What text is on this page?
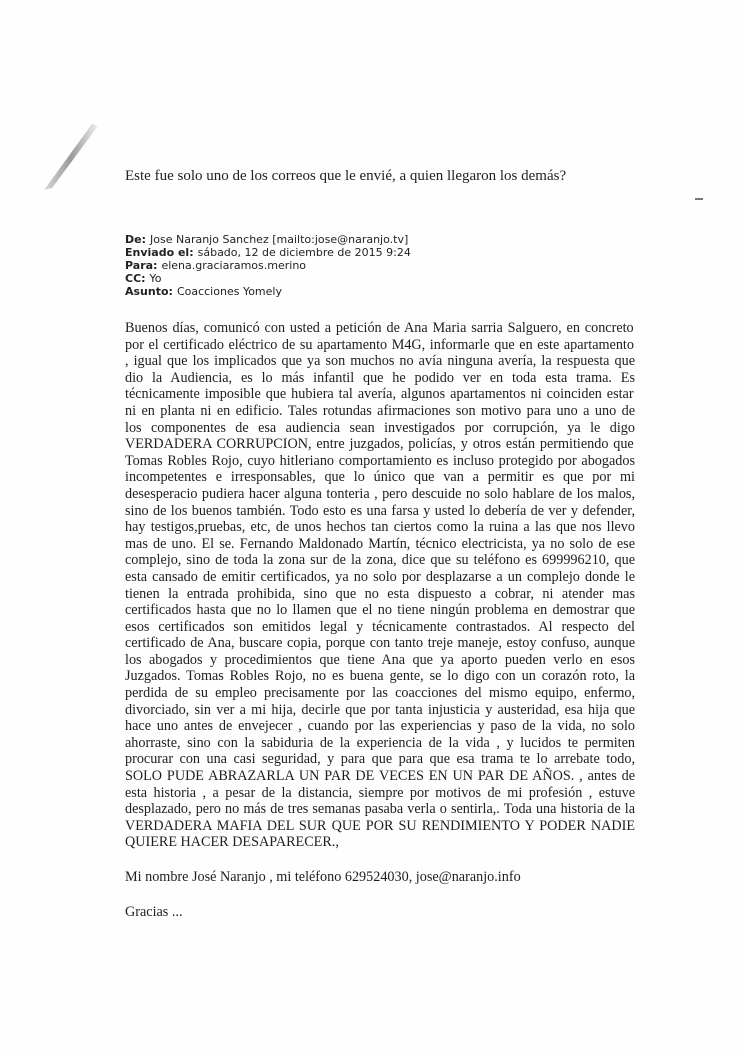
Este fue solo uno de los correos que le envié, a quien llegaron los demás?
De: Jose Naranjo Sanchez [mailto:jose@naranjo.tv]
Enviado el: sábado, 12 de diciembre de 2015 9:24
Para: elena.graciaramos.merino
CC: Yo
Asunto: Coacciones Yomely
Buenos días, comunicó con usted a petición de Ana Maria sarria Salguero, en concreto
por el certificado eléctrico de su apartamento M4G, informarle que en este apartamento
, igual que los implicados que ya son muchos no avía ninguna avería, la respuesta que
dio la Audiencia, es lo más infantil que he podido ver en toda esta trama. Es
técnicamente imposible que hubiera tal avería, algunos apartamentos ni coinciden estar
ni en planta ni en edificio. Tales rotundas afirmaciones son motivo para uno a uno de
los componentes de esa audiencia sean investigados por corrupción, ya le digo
VERDADERA CORRUPCION, entre juzgados, policías, y otros están permitiendo que
Tomas Robles Rojo, cuyo hitleriano comportamiento es incluso protegido por abogados
incompetentes e irresponsables, que lo único que van a permitir es que por mi
desesperacio pudiera hacer alguna tonteria , pero descuide no solo hablare de los malos,
sino de los buenos también. Todo esto es una farsa y usted lo debería de ver y defender,
hay testigos,pruebas, etc, de unos hechos tan ciertos como la ruina a las que nos llevo
mas de uno. El se. Fernando Maldonado Martín, técnico electricista, ya no solo de ese
complejo, sino de toda la zona sur de la zona, dice que su teléfono es 699996210, que
esta cansado de emitir certificados, ya no solo por desplazarse a un complejo donde le
tienen la entrada prohibida, sino que no esta dispuesto a cobrar, ni atender mas
certificados hasta que no lo llamen que el no tiene ningún problema en demostrar que
esos certificados son emitidos legal y técnicamente contrastados. Al respecto del
certificado de Ana, buscare copia, porque con tanto treje maneje, estoy confuso, aunque
los abogados y procedimientos que tiene Ana que ya aporto pueden verlo en esos
Juzgados. Tomas Robles Rojo, no es buena gente, se lo digo con un corazón roto, la
perdida de su empleo precisamente por las coacciones del mismo equipo, enfermo,
divorciado, sin ver a mi hija, decirle que por tanta injusticia y austeridad, esa hija que
hace uno antes de envejecer , cuando por las experiencias y paso de la vida, no solo
ahorraste, sino con la sabiduria de la experiencia de la vida , y lucidos te permiten
procurar con una casi seguridad, y para que para que esa trama te lo arrebate todo,
SOLO PUDE ABRAZARLA UN PAR DE VECES EN UN PAR DE AÑOS. , antes de
esta historia , a pesar de la distancia, siempre por motivos de mi profesión , estuve
desplazado, pero no más de tres semanas pasaba verla o sentirla,. Toda una historia de la
VERDADERA MAFIA DEL SUR QUE POR SU RENDIMIENTO Y PODER NADIE
QUIERE HACER DESAPARECER.,
Mi nombre José Naranjo , mi teléfono 629524030, jose@naranjo.info
Gracias ...
